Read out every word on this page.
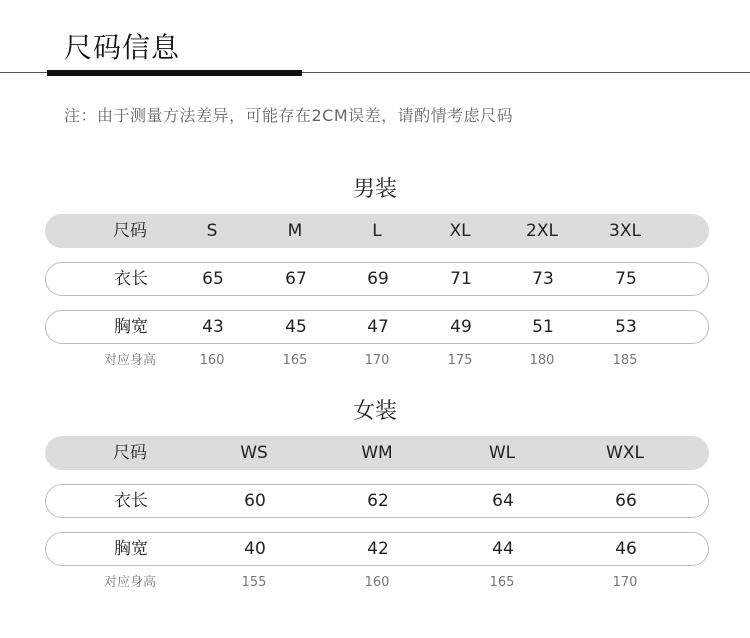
尺码信息
注：由于测量方法差异，可能存在2CM误差，请酌情考虑尺码
男装
尺码	S	M	L	XL	2XL	3XL
衣长	65	67	69	71	73	75
胸宽	43	45	47	49	51	53
对应身高	160	165	170	175	180	185
女装
尺码	WS	WM	WL	WXL
衣长	60	62	64	66
胸宽	40	42	44	46
对应身高	155	160	165	170
